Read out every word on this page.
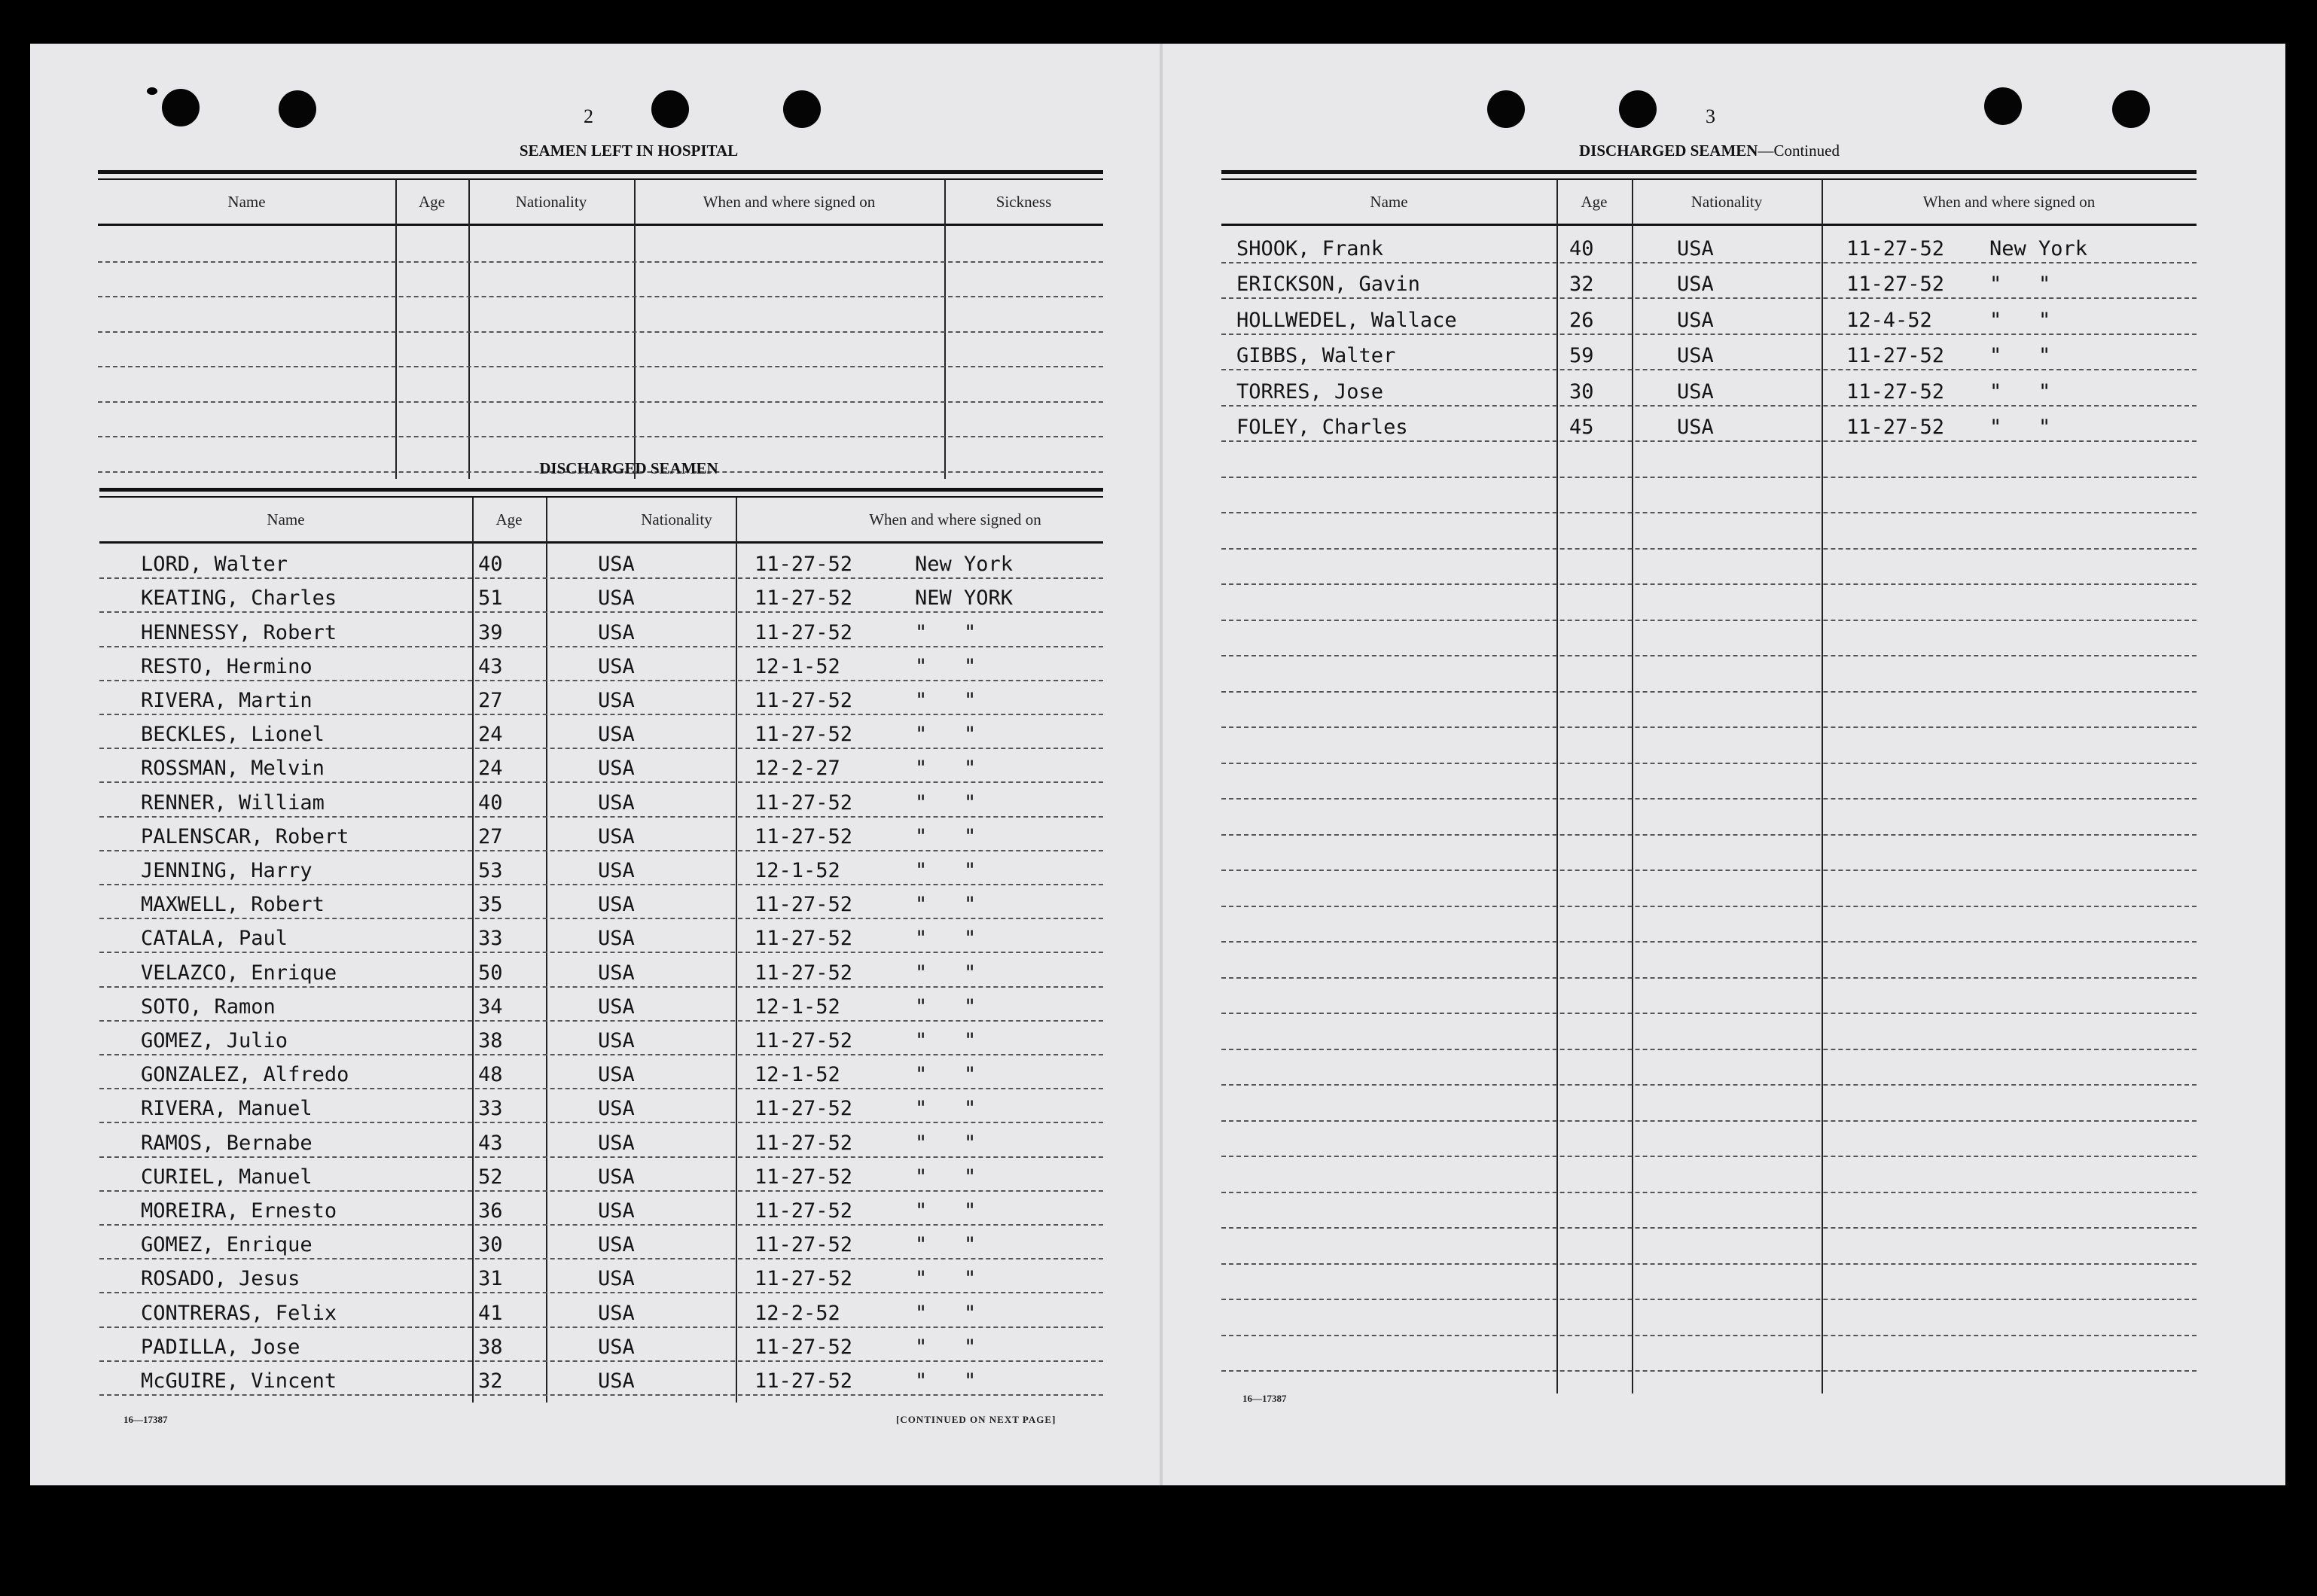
2
SEAMEN LEFT IN HOSPITAL
Name	Age	Nationality	When and where signed on	Sickness
DISCHARGED SEAMEN
Name	Age	Nationality	When and where signed on
LORD, Walter	40	USA	11-27-52	New York
KEATING, Charles	51	USA	11-27-52	NEW YORK
HENNESSY, Robert	39	USA	11-27-52	"   "
RESTO, Hermino	43	USA	12-1-52	"   "
RIVERA, Martin	27	USA	11-27-52	"   "
BECKLES, Lionel	24	USA	11-27-52	"   "
ROSSMAN, Melvin	24	USA	12-2-27	"   "
RENNER, William	40	USA	11-27-52	"   "
PALENSCAR, Robert	27	USA	11-27-52	"   "
JENNING, Harry	53	USA	12-1-52	"   "
MAXWELL, Robert	35	USA	11-27-52	"   "
CATALA, Paul	33	USA	11-27-52	"   "
VELAZCO, Enrique	50	USA	11-27-52	"   "
SOTO, Ramon	34	USA	12-1-52	"   "
GOMEZ, Julio	38	USA	11-27-52	"   "
GONZALEZ, Alfredo	48	USA	12-1-52	"   "
RIVERA, Manuel	33	USA	11-27-52	"   "
RAMOS, Bernabe	43	USA	11-27-52	"   "
CURIEL, Manuel	52	USA	11-27-52	"   "
MOREIRA, Ernesto	36	USA	11-27-52	"   "
GOMEZ, Enrique	30	USA	11-27-52	"   "
ROSADO, Jesus	31	USA	11-27-52	"   "
CONTRERAS, Felix	41	USA	12-2-52	"   "
PADILLA, Jose	38	USA	11-27-52	"   "
McGUIRE, Vincent	32	USA	11-27-52	"   "
16—17387	[CONTINUED ON NEXT PAGE]
3
DISCHARGED SEAMEN—Continued
Name	Age	Nationality	When and where signed on
SHOOK, Frank	40	USA	11-27-52 New York
ERICKSON, Gavin	32	USA	11-27-52 "   "
HOLLWEDEL, Wallace	26	USA	12-4-52	"   "
GIBBS, Walter	59	USA	11-27-52 "   "
TORRES, Jose	30	USA	11-27-52 "   "
FOLEY, Charles	45	USA	11-27-52 "   "
16—17387
